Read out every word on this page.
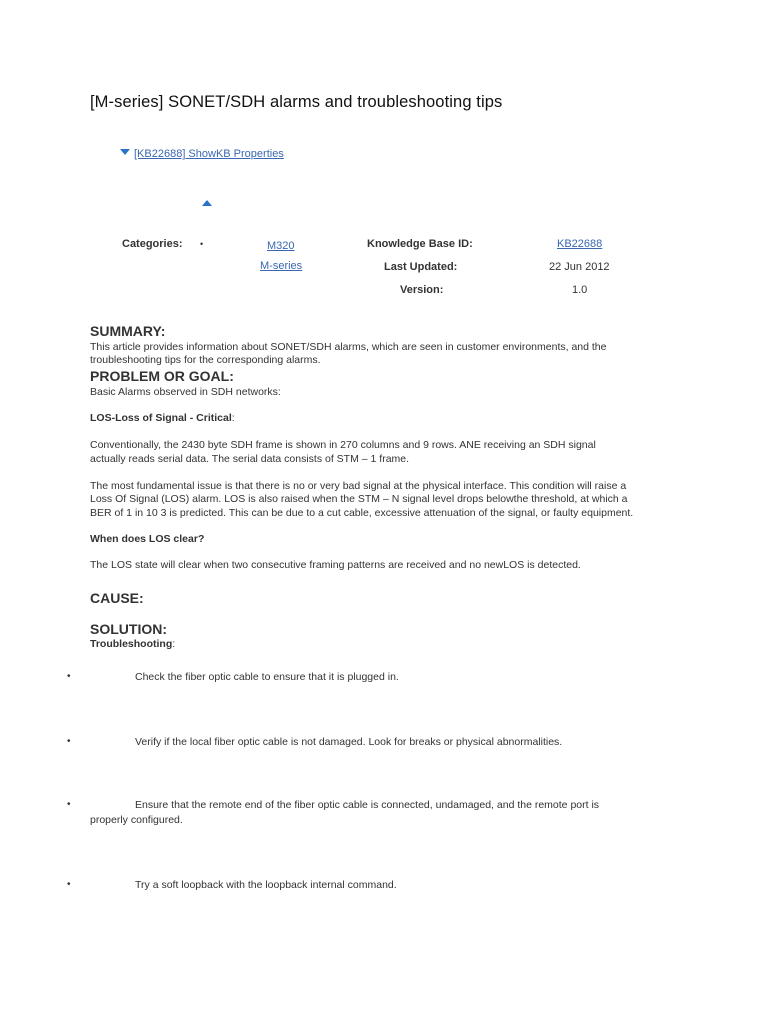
[M-series] SONET/SDH alarms and troubleshooting tips
[KB22688] ShowKB Properties
Categories: •	M320
M-series
Knowledge Base ID:	KB22688
Last Updated:	22 Jun 2012
Version:	1.0
SUMMARY:
This article provides information about SONET/SDH alarms, which are seen in customer environments, and the
troubleshooting tips for the corresponding alarms.
PROBLEM OR GOAL:
Basic Alarms observed in SDH networks:
LOS-Loss of Signal - Critical:
Conventionally, the 2430 byte SDH frame is shown in 270 columns and 9 rows. ANE receiving an SDH signal
actually reads serial data. The serial data consists of STM – 1 frame.
The most fundamental issue is that there is no or very bad signal at the physical interface. This condition will raise a
Loss Of Signal (LOS) alarm. LOS is also raised when the STM – N signal level drops belowthe threshold, at which a
BER of 1 in 10 3 is predicted. This can be due to a cut cable, excessive attenuation of the signal, or faulty equipment.
When does LOS clear?
The LOS state will clear when two consecutive framing patterns are received and no newLOS is detected.
CAUSE:
SOLUTION:
Troubleshooting:
•	Check the fiber optic cable to ensure that it is plugged in.
•	Verify if the local fiber optic cable is not damaged. Look for breaks or physical abnormalities.
•	Ensure that the remote end of the fiber optic cable is connected, undamaged, and the remote port is
properly configured.
•	Try a soft loopback with the loopback internal command.
